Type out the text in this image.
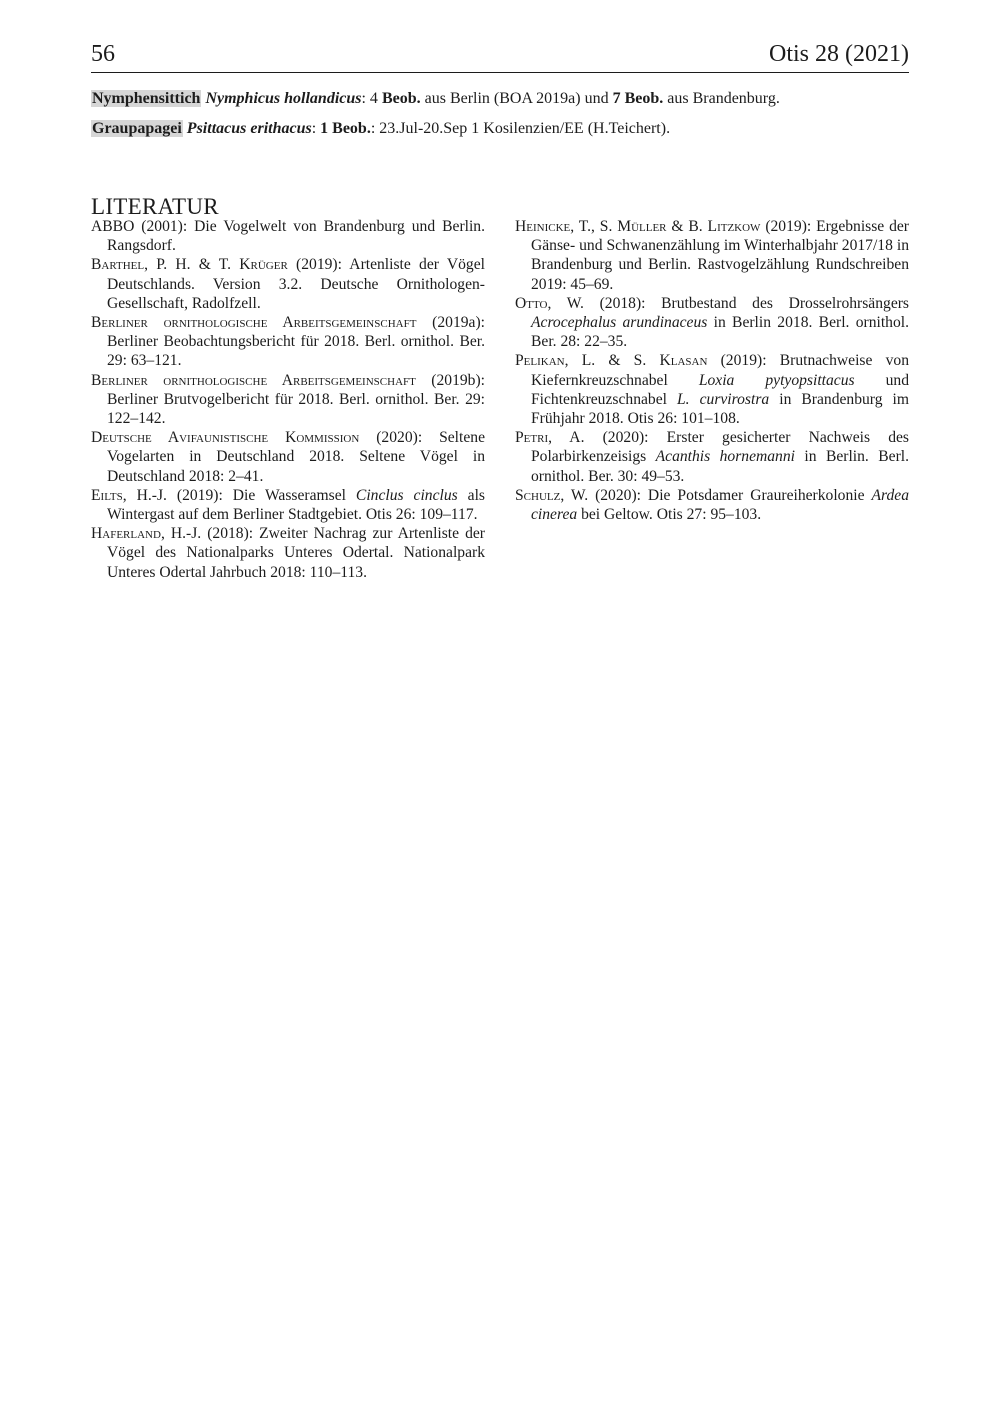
56	Otis 28 (2021)
Nymphensittich Nymphicus hollandicus: 4 Beob. aus Berlin (BOA 2019a) und 7 Beob. aus Brandenburg.
Graupapagei Psittacus erithacus: 1 Beob.: 23.Jul-20.Sep 1 Kosilenzien/EE (H.Teichert).
LITERATUR

ABBO (2001): Die Vogelwelt von Brandenburg und Berlin. Rangsdorf.

Barthel, P. H. & T. Krüger (2019): Artenliste der Vögel Deutschlands. Version 3.2. Deutsche Ornithologen-Gesellschaft, Radolfzell.

Berliner ornithologische Arbeitsgemeinschaft (2019a): Berliner Beobachtungsbericht für 2018. Berl. ornithol. Ber. 29: 63–121.

Berliner ornithologische Arbeitsgemeinschaft (2019b): Berliner Brutvogelbericht für 2018. Berl. ornithol. Ber. 29: 122–142.

Deutsche Avifaunistische Kommission (2020): Seltene Vogelarten in Deutschland 2018. Seltene Vögel in Deutschland 2018: 2–41.

Eilts, H.-J. (2019): Die Wasseramsel Cinclus cinclus als Wintergast auf dem Berliner Stadtgebiet. Otis 26: 109–117.

Haferland, H.-J. (2018): Zweiter Nachrag zur Artenliste der Vögel des Nationalparks Unteres Odertal. Nationalpark Unteres Odertal Jahrbuch 2018: 110–113.

Heinicke, T., S. Müller & B. Litzkow (2019): Ergebnisse der Gänse- und Schwanenzählung im Winterhalbjahr 2017/18 in Brandenburg und Berlin. Rastvogelzählung Rundschreiben 2019: 45–69.

Otto, W. (2018): Brutbestand des Drosselrohrsängers Acrocephalus arundinaceus in Berlin 2018. Berl. ornithol. Ber. 28: 22–35.

Pelikan, L. & S. Klasan (2019): Brutnachweise von Kiefernkreuzschnabel Loxia pytyopsittacus und Fichtenkreuzschnabel L. curvirostra in Brandenburg im Frühjahr 2018. Otis 26: 101–108.

Petri, A. (2020): Erster gesicherter Nachweis des Polarbirkenzeisigs Acanthis hornemanni in Berlin. Berl. ornithol. Ber. 30: 49–53.

Schulz, W. (2020): Die Potsdamer Graureiherkolonie Ardea cinerea bei Geltow. Otis 27: 95–103.
